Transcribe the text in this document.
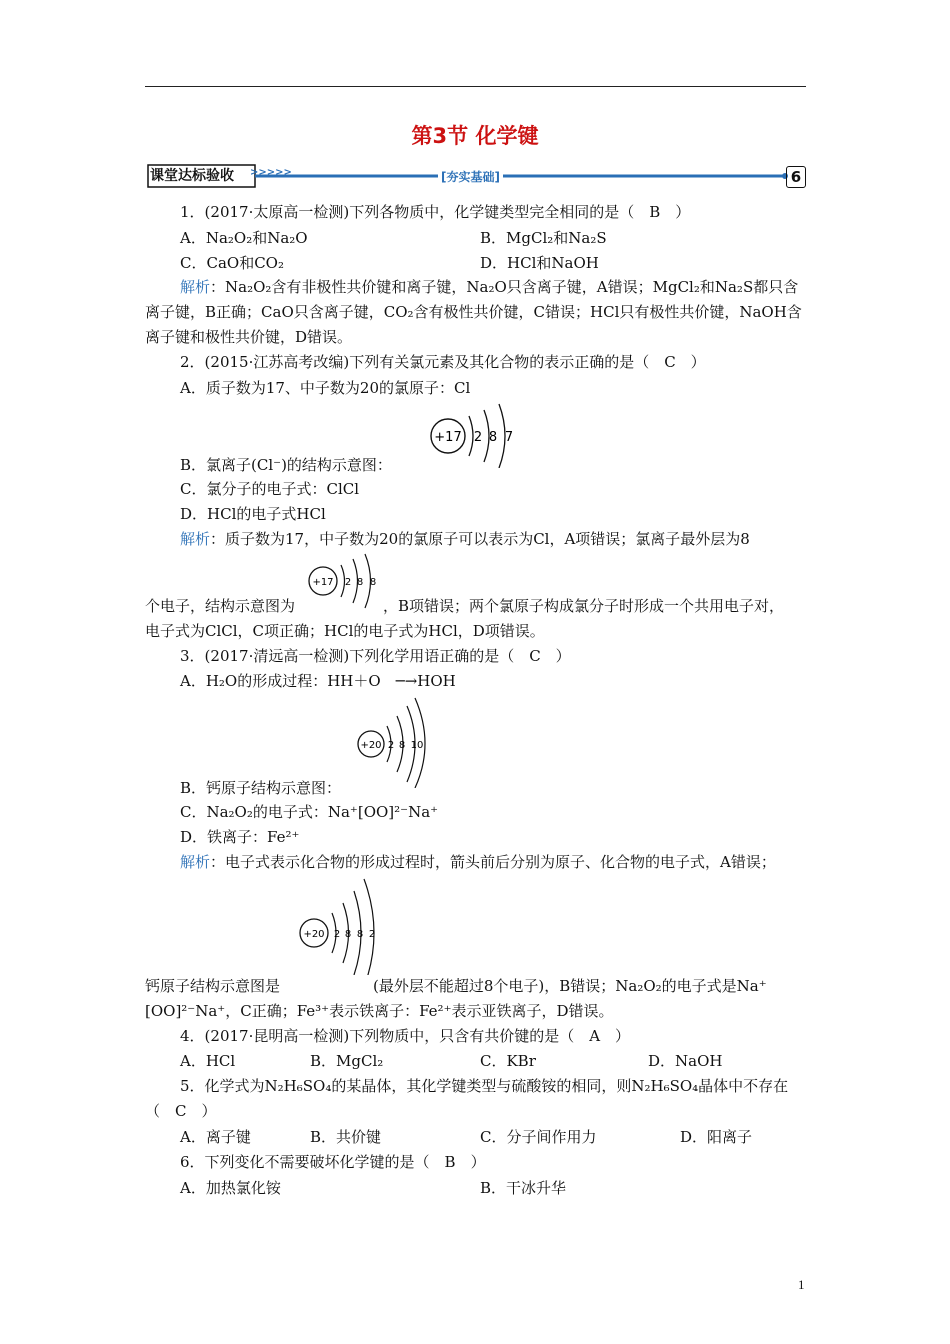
第3节 化学键
课堂达标验收 >>>>>	[夯实基础]	6
1．(2017·太原高一检测)下列各物质中，化学键类型完全相同的是（　B　）
A．Na₂O₂和Na₂O	B．MgCl₂和Na₂S
C．CaO和CO₂	D．HCl和NaOH
解析：Na₂O₂含有非极性共价键和离子键，Na₂O只含离子键，A错误；MgCl₂和Na₂S都只含
离子键，B正确；CaO只含离子键，CO₂含有极性共价键，C错误；HCl只有极性共价键，NaOH含
离子键和极性共价键，D错误。
2．(2015·江苏高考改编)下列有关氯元素及其化合物的表示正确的是（　C　）
A．质子数为17、中子数为20的氯原子：Cl
+17 2 8 7
B．氯离子(Cl⁻)的结构示意图：
C．氯分子的电子式：ClCl
D．HCl的电子式HCl
解析：质子数为17，中子数为20的氯原子可以表示为Cl，A项错误；氯离子最外层为8
+17 2 8 8
个电子，结构示意图为	，B项错误；两个氯原子构成氯分子时形成一个共用电子对，
电子式为ClCl，C项正确；HCl的电子式为HCl，D项错误。
3．(2017·清远高一检测)下列化学用语正确的是（　C　）
A．H₂O的形成过程：HH＋O　─→HOH
+20 2 8 10
B．钙原子结构示意图：
C．Na₂O₂的电子式：Na⁺[OO]²⁻Na⁺
D．铁离子：Fe²⁺
解析：电子式表示化合物的形成过程时，箭头前后分别为原子、化合物的电子式，A错误；
+20 2 8 8 2
钙原子结构示意图是	(最外层不能超过8个电子)，B错误；Na₂O₂的电子式是Na⁺
[OO]²⁻Na⁺，C正确；Fe³⁺表示铁离子：Fe²⁺表示亚铁离子，D错误。
4．(2017·昆明高一检测)下列物质中，只含有共价键的是（　A　）
A．HCl	B．MgCl₂	C．KBr	D．NaOH
5．化学式为N₂H₆SO₄的某晶体，其化学键类型与硫酸铵的相同，则N₂H₆SO₄晶体中不存在
（　C　）
A．离子键	B．共价键	C．分子间作用力	D．阳离子
6．下列变化不需要破坏化学键的是（　B　）
A．加热氯化铵	B．干冰升华
1
